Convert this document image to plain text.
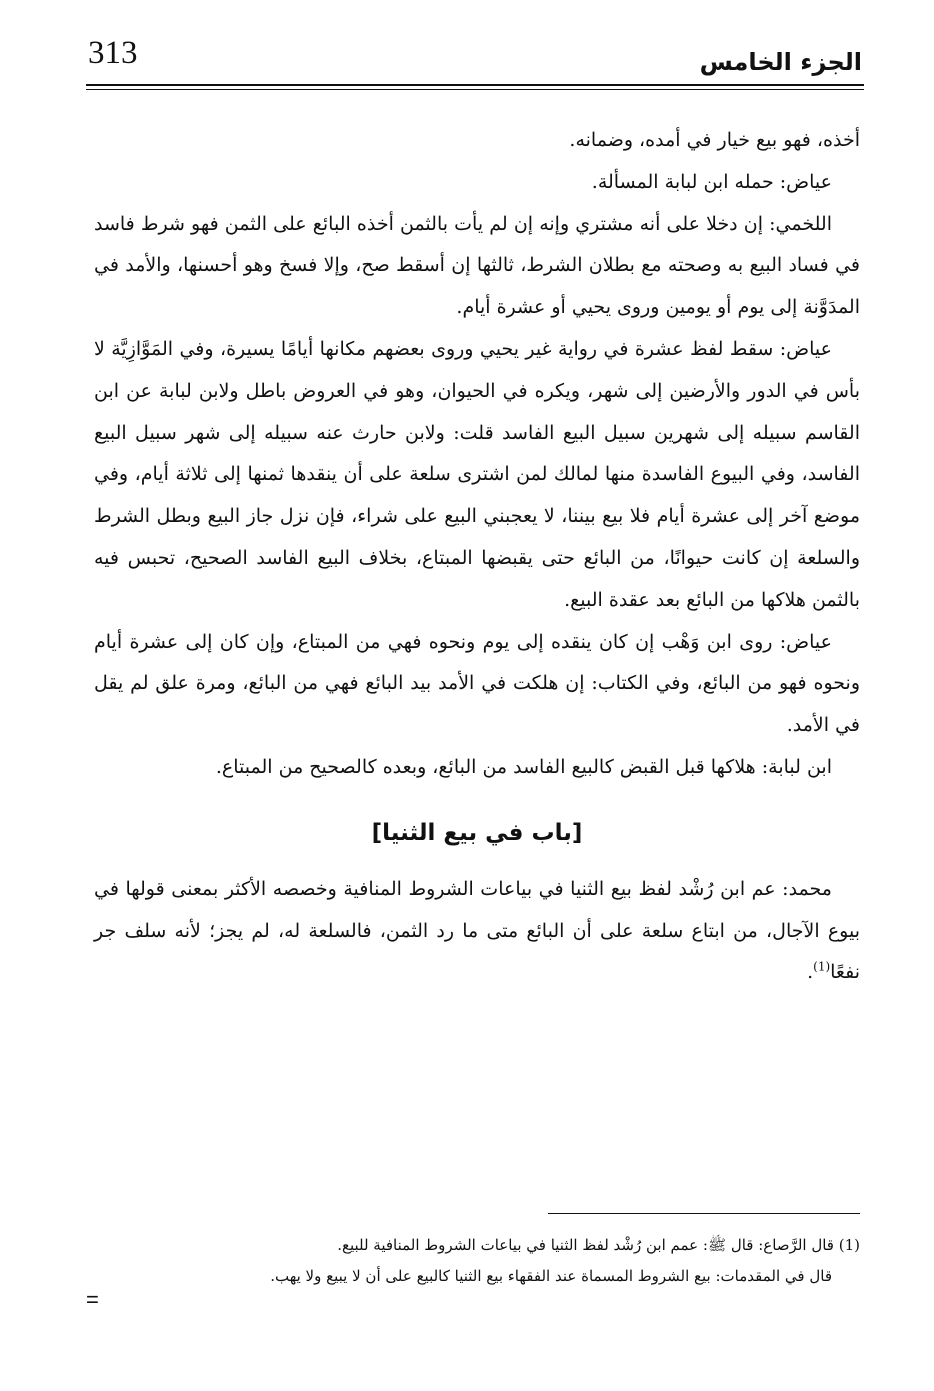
313	الجزء الخامس

أخذه، فهو بيع خيار في أمده، وضمانه.

عياض: حمله ابن لبابة المسألة.

اللخمي: إن دخلا على أنه مشتري وإنه إن لم يأت بالثمن أخذه البائع على الثمن فهو شرط فاسد في فساد البيع به وصحته مع بطلان الشرط، ثالثها إن أسقط صح، وإلا فسخ وهو أحسنها، والأمد في المدَوَّنة إلى يوم أو يومين وروى يحيي أو عشرة أيام.

عياض: سقط لفظ عشرة في رواية غير يحيي وروى بعضهم مكانها أيامًا يسيرة، وفي المَوَّازِيَّة لا بأس في الدور والأرضين إلى شهر، ويكره في الحيوان، وهو في العروض باطل ولابن لبابة عن ابن القاسم سبيله إلى شهرين سبيل البيع الفاسد قلت: ولابن حارث عنه سبيله إلى شهر سبيل البيع الفاسد، وفي البيوع الفاسدة منها لمالك لمن اشترى سلعة على أن ينقدها ثمنها إلى ثلاثة أيام، وفي موضع آخر إلى عشرة أيام فلا بيع بيننا، لا يعجبني البيع على شراء، فإن نزل جاز البيع وبطل الشرط والسلعة إن كانت حيوانًا، من البائع حتى يقبضها المبتاع، بخلاف البيع الفاسد الصحيح، تحبس فيه بالثمن هلاكها من البائع بعد عقدة البيع.

عياض: روى ابن وَهْب إن كان ينقده إلى يوم ونحوه فهي من المبتاع، وإن كان إلى عشرة أيام ونحوه فهو من البائع، وفي الكتاب: إن هلكت في الأمد بيد البائع فهي من البائع، ومرة علق لم يقل في الأمد.

ابن لبابة: هلاكها قبل القبض كالبيع الفاسد من البائع، وبعده كالصحيح من المبتاع.

[باب في بيع الثنيا]

محمد: عم ابن رُشْد لفظ بيع الثنيا في بياعات الشروط المنافية وخصصه الأكثر بمعنى قولها في بيوع الآجال، من ابتاع سلعة على أن البائع متى ما رد الثمن، فالسلعة له، لم يجز؛ لأنه سلف جر نفعًا$^{(1)}$.

(1) قال الرَّصاع: قال ﷺ: عمم ابن رُشْد لفظ الثنيا في بياعات الشروط المنافية للبيع.

قال في المقدمات: بيع الشروط المسماة عند الفقهاء بيع الثنيا كالبيع على أن لا يبيع ولا يهب.

=
